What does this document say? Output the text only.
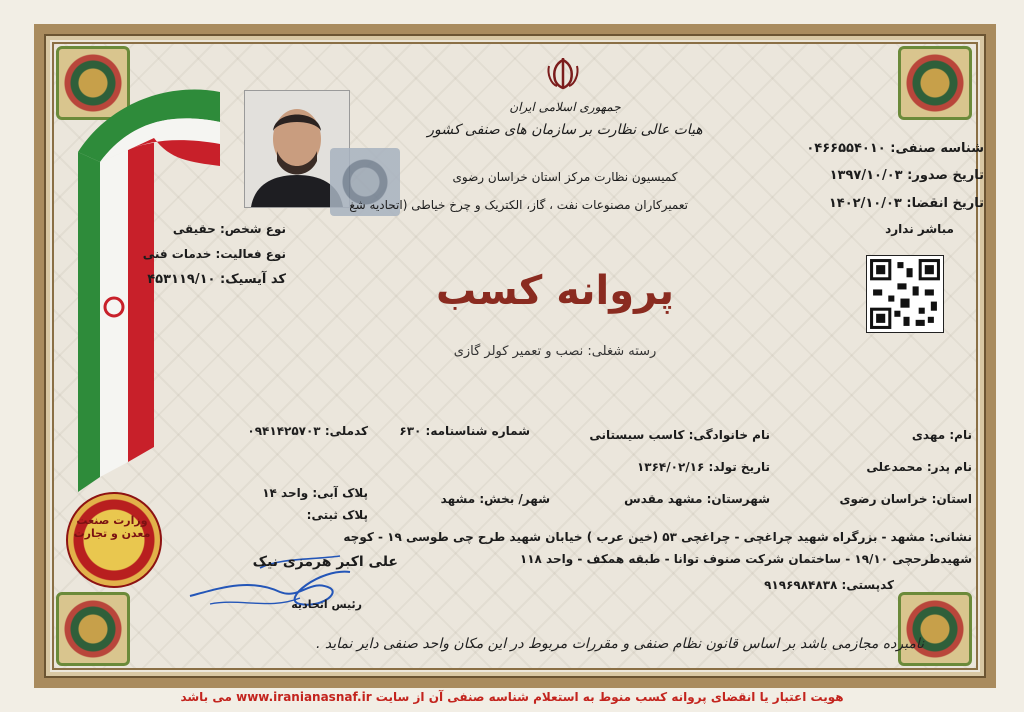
وزارت صنعت معدن و تجارت
جمهوری اسلامی ایران
هیات عالی نظارت بر سازمان های صنفی کشور
کمیسیون نظارت مرکز استان خراسان رضوی
تعمیرکاران مصنوعات نفت ، گاز، الکتریک و چرخ خیاطی (اتحادیه شغ
پروانه کسب
رسته شغلی: نصب و تعمیر کولر گازی
شناسه صنفی: ۰۴۶۶۵۵۴۰۱۰
تاریخ صدور: ۱۳۹۷/۱۰/۰۳
تاریخ انقضا: ۱۴۰۲/۱۰/۰۳
مباشر ندارد
نوع شخص: حقیقی
نوع فعالیت: خدمات فنی
کد آیسیک: ۴۵۳۱۱۹/۱۰
نام: مهدی
نام خانوادگی: کاسب سیستانی
شماره شناسنامه: ۶۳۰
کدملی: ۰۹۴۱۴۲۵۷۰۳
نام پدر: محمدعلی
تاریخ تولد: ۱۳۶۴/۰۲/۱۶
استان: خراسان رضوی
شهرستان: مشهد مقدس
شهر/ بخش: مشهد
پلاک آبی: واحد ۱۴
پلاک ثبتی:
نشانی: مشهد - بزرگراه شهید چراغچی - چراغچی ۵۳ (خین عرب ) خیابان شهید طرح چی طوسی ۱۹ - کوچه
شهیدطرحچی ۱۹/۱۰ - ساختمان شرکت صنوف توانا - طبقه همکف - واحد ۱۱۸
کدپستی: ۹۱۹۶۹۸۴۸۳۸
علی اکبر هرمزی نیک
رئیس اتحادیه
نامبرده مجازمی باشد بر اساس قانون نظام صنفی و مقررات مربوط در این مکان واحد صنفی دایر نماید .
هویت اعتبار یا انقضای پروانه کسب منوط به استعلام شناسه صنفی آن از سایت www.iranianasnaf.ir می باشد
